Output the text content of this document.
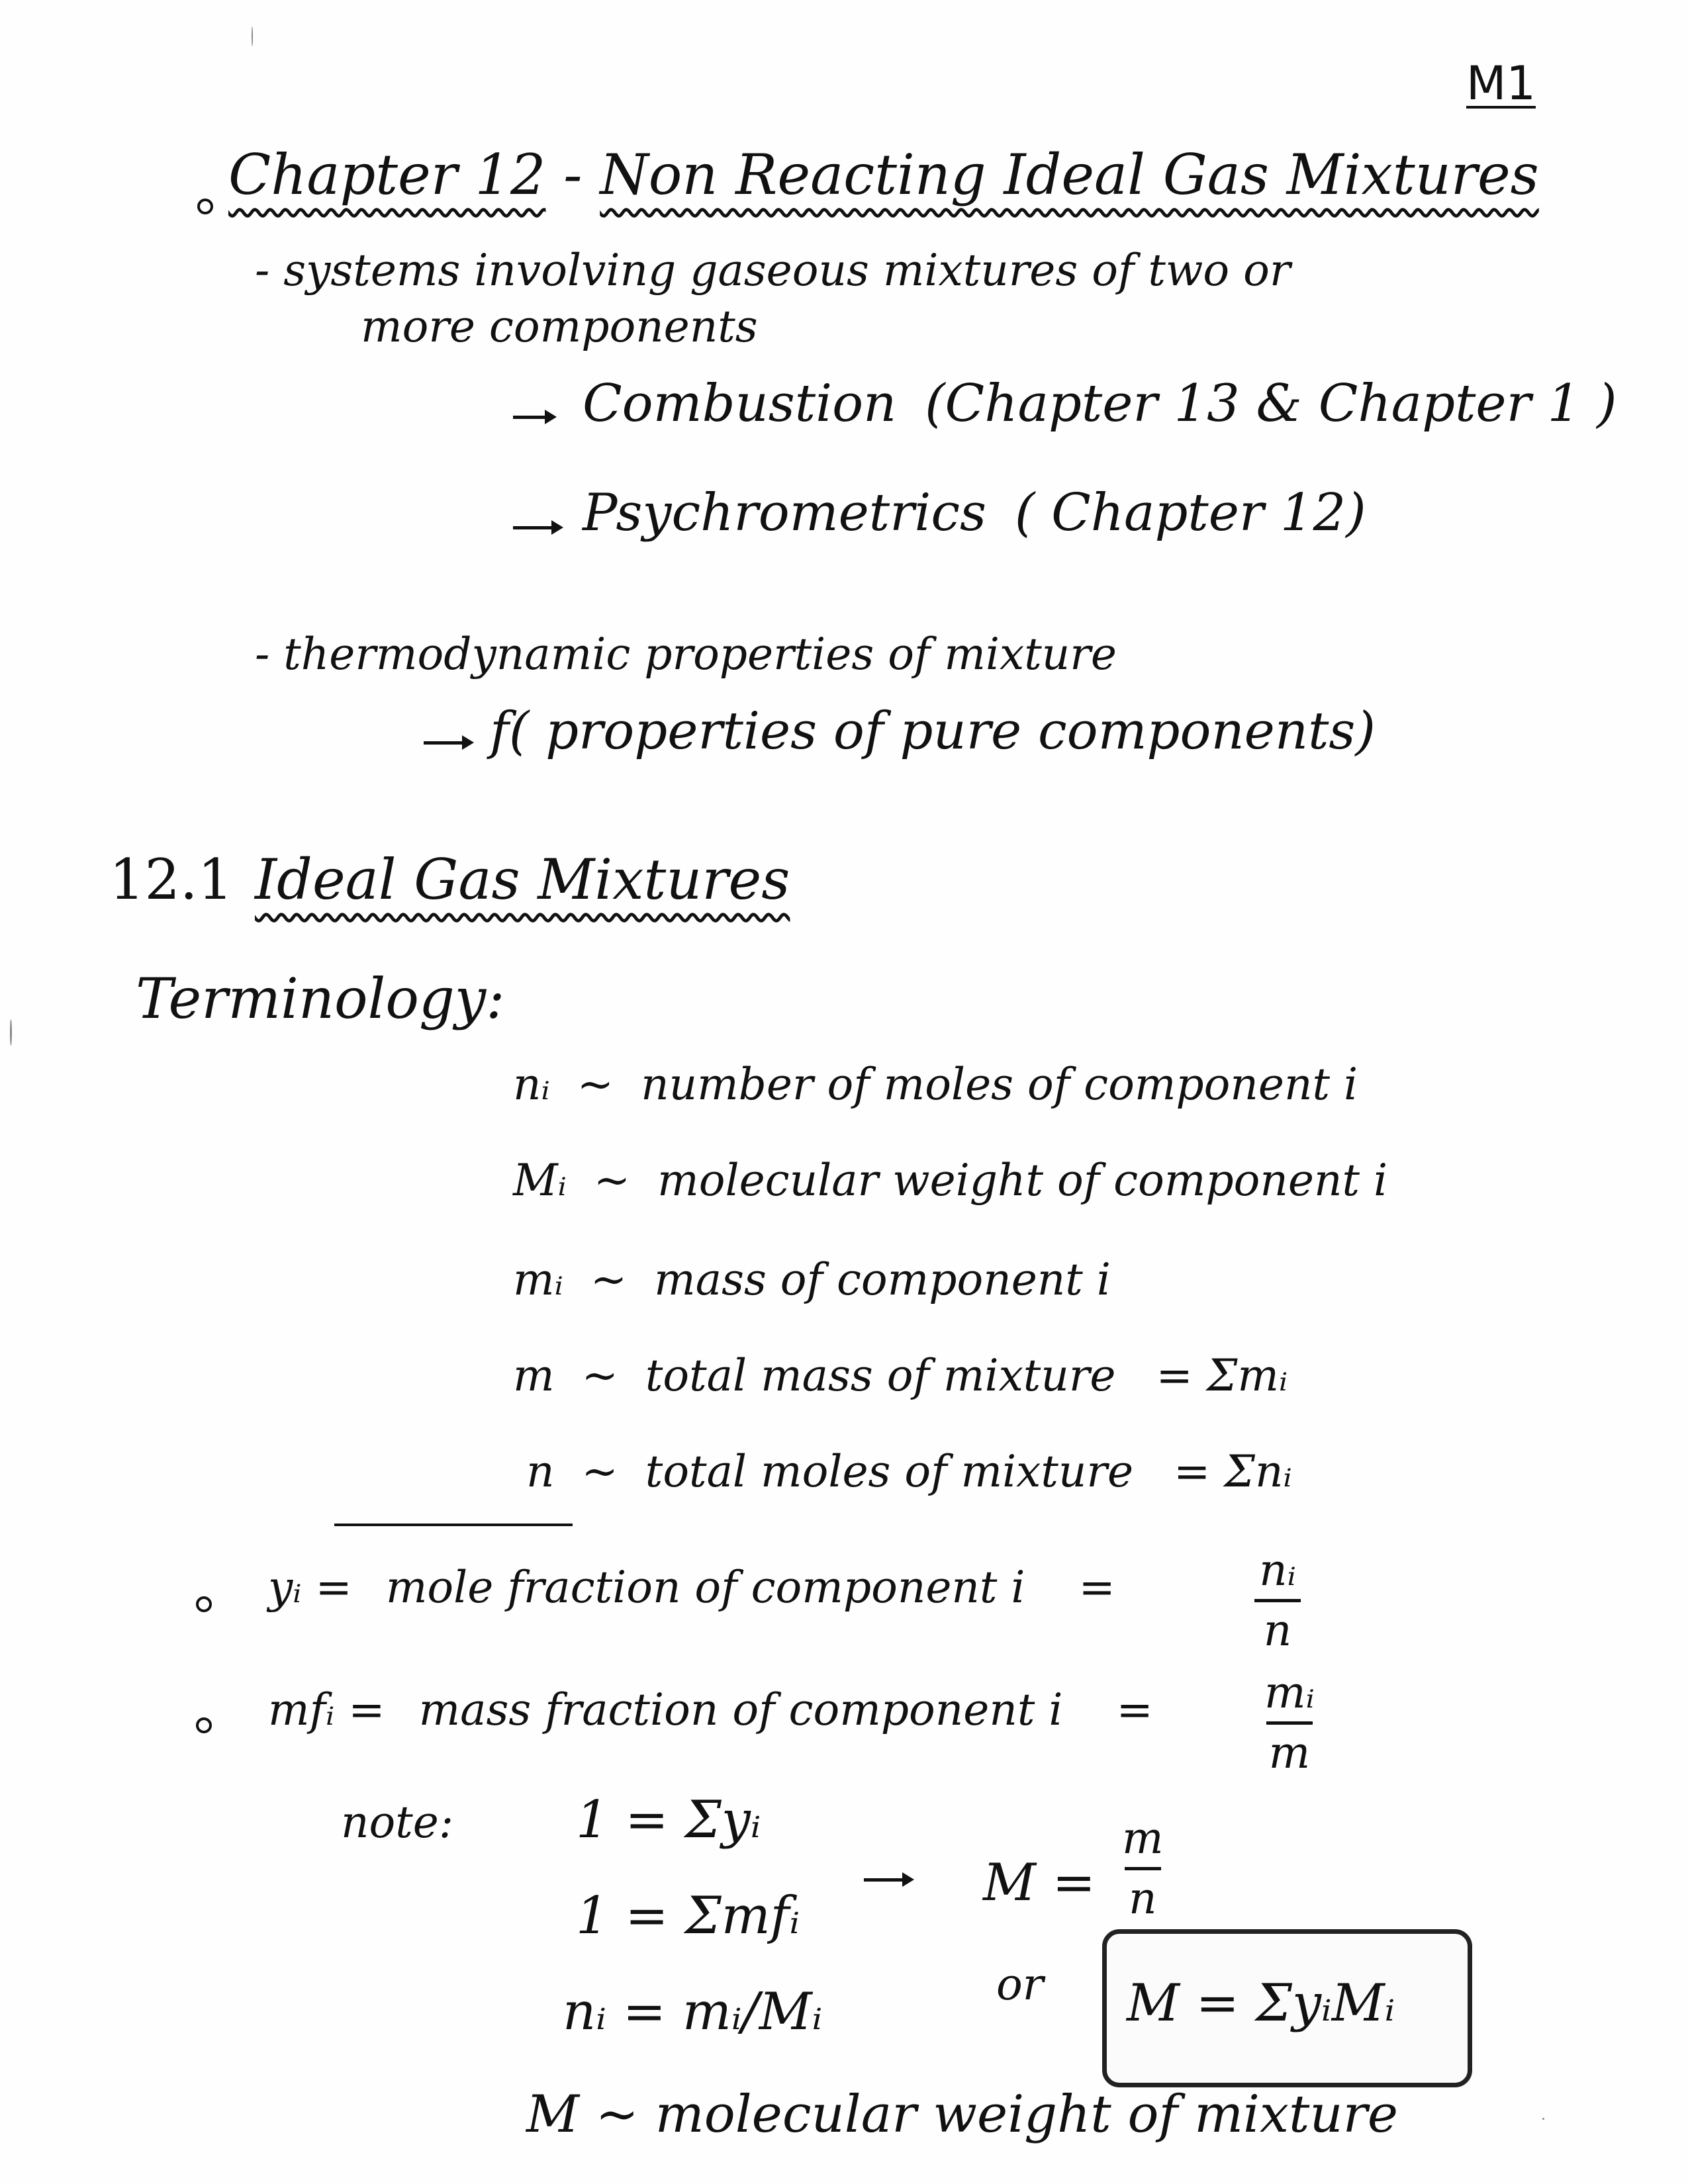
M1
Chapter 12 - Non Reacting Ideal Gas Mixtures
- systems involving gaseous mixtures of two or
more components
Combustion (Chapter 13 & Chapter 1 )
Psychrometrics ( Chapter 12)
- thermodynamic properties of mixture
f( properties of pure components)
12.1 Ideal Gas Mixtures
Terminology:
nᵢ ~ number of moles of component i
Mᵢ ~ molecular weight of component i
mᵢ ~ mass of component i
m ~ total mass of mixture = Σmᵢ
n ~ total moles of mixture = Σnᵢ
yᵢ = mole fraction of component i =	nᵢ
n
mfᵢ = mass fraction of component i =	mᵢ
m
note: 1 = Σyᵢ
1 = Σmfᵢ
nᵢ = mᵢ/Mᵢ
M =
m
n
or M = ΣyᵢMᵢ
M ~ molecular weight of mixture
